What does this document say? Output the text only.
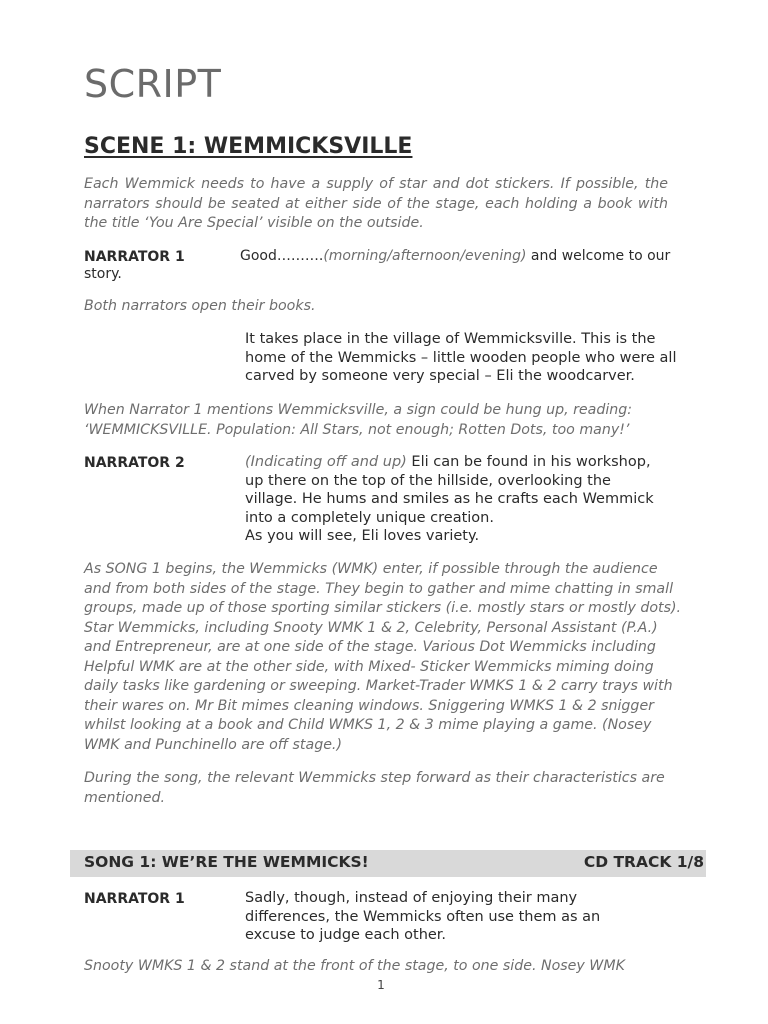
SCRIPT
SCENE 1: WEMMICKSVILLE
Each Wemmick needs to have a supply of star and dot stickers. If possible, the narrators should be seated at either side of the stage, each holding a book with the title ‘You Are Special’ visible on the outside.
NARRATOR 1	Good……….(morning/afternoon/evening) and welcome to our
story.
Both narrators open their books.
It takes place in the village of Wemmicksville. This is the
home of the Wemmicks – little wooden people who were all
carved by someone very special – Eli the woodcarver.
When Narrator 1 mentions Wemmicksville, a sign could be hung up, reading: ‘WEMMICKSVILLE. Population: All Stars, not enough; Rotten Dots, too many!’
NARRATOR 2	(Indicating off and up) Eli can be found in his workshop,
up there on the top of the hillside, overlooking the
village. He hums and smiles as he crafts each Wemmick
into a completely unique creation.
As you will see, Eli loves variety.
As SONG 1 begins, the Wemmicks (WMK) enter, if possible through the audience and from both sides of the stage. They begin to gather and mime chatting in small groups, made up of those sporting similar stickers (i.e. mostly stars or mostly dots). Star Wemmicks, including Snooty WMK 1 & 2, Celebrity, Personal Assistant (P.A.) and Entrepreneur, are at one side of the stage. Various Dot Wemmicks including Helpful WMK are at the other side, with Mixed- Sticker Wemmicks miming doing daily tasks like gardening or sweeping. Market-Trader WMKS 1 & 2 carry trays with their wares on. Mr Bit mimes cleaning windows. Sniggering WMKS 1 & 2 snigger whilst looking at a book and Child WMKS 1, 2 & 3 mime playing a game. (Nosey WMK and Punchinello are off stage.)
During the song, the relevant Wemmicks step forward as their characteristics are mentioned.
SONG 1: WE’RE THE WEMMICKS!	CD TRACK 1/8
NARRATOR 1	Sadly, though, instead of enjoying their many
differences, the Wemmicks often use them as an
excuse to judge each other.
Snooty WMKS 1 & 2 stand at the front of the stage, to one side. Nosey WMK
1
